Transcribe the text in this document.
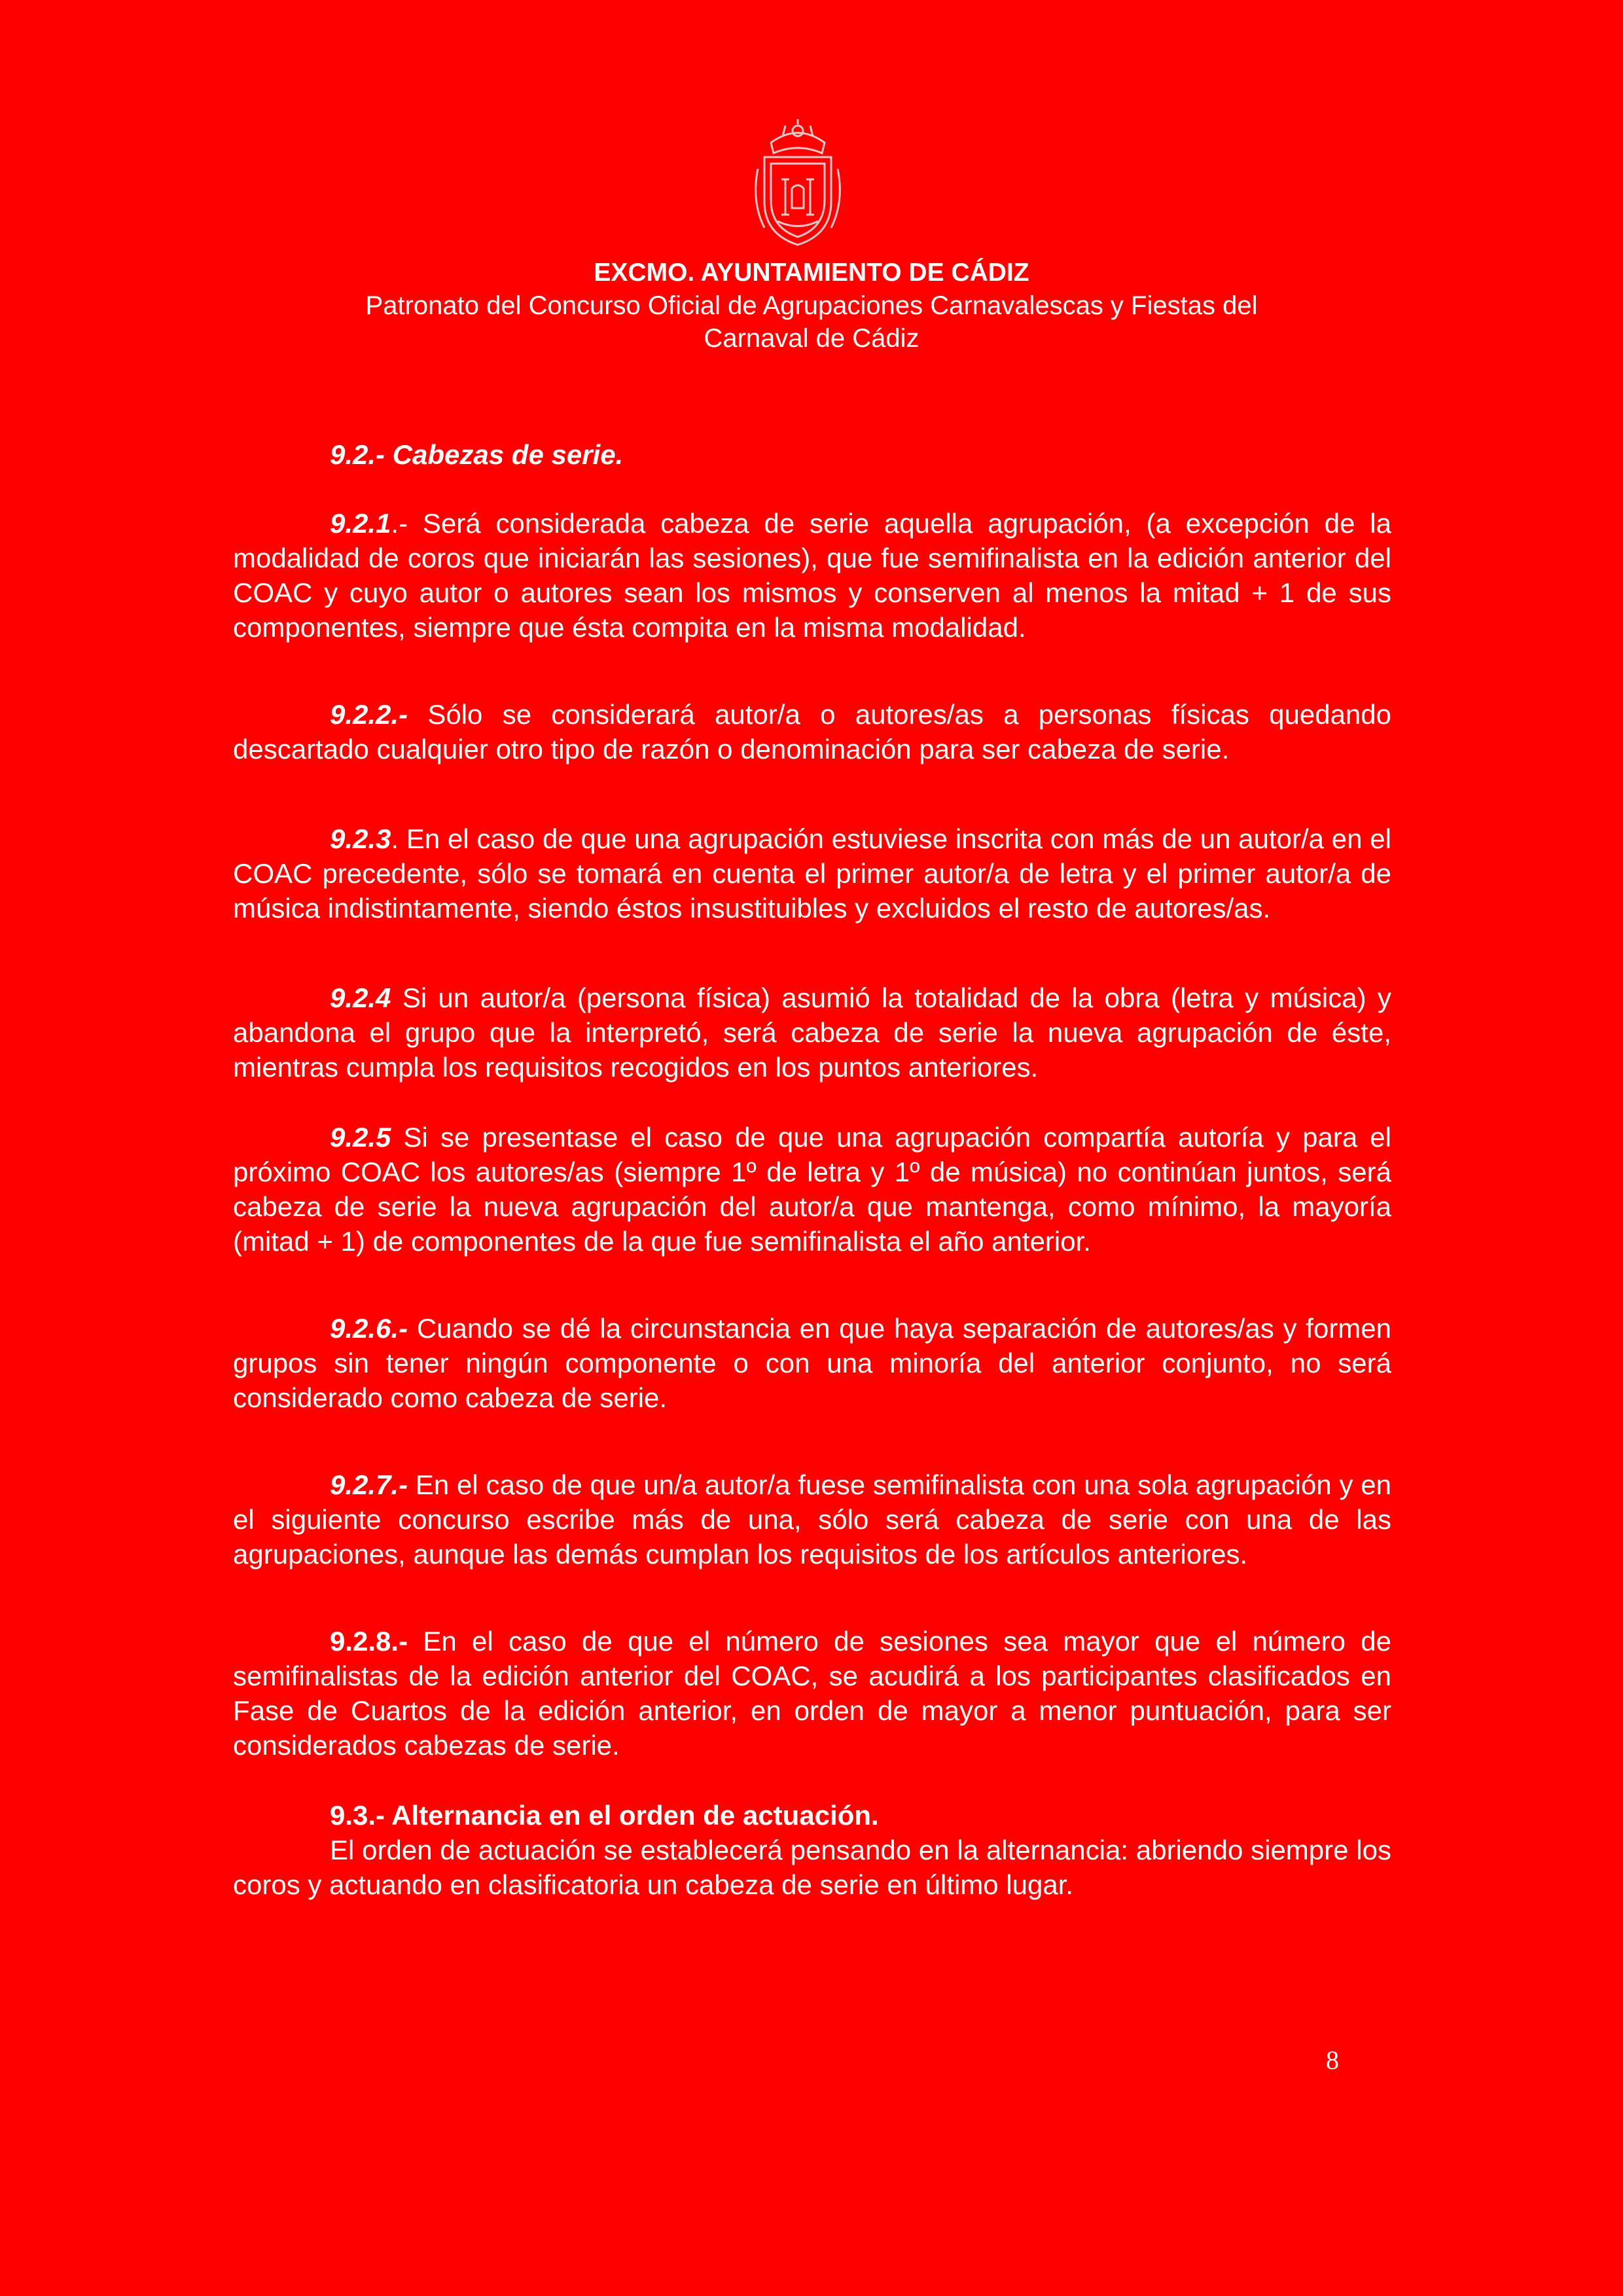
EXCMO. AYUNTAMIENTO DE CÁDIZ
Patronato del Concurso Oficial de Agrupaciones Carnavalescas y Fiestas del
Carnaval de Cádiz

9.2.- Cabezas de serie.

9.2.1.- Será considerada cabeza de serie aquella agrupación, (a excepción de la modalidad de coros que iniciarán las sesiones), que fue semifinalista en la edición anterior del COAC y cuyo autor o autores sean los mismos y conserven al menos la mitad + 1 de sus componentes, siempre que ésta compita en la misma modalidad.

9.2.2.- Sólo se considerará autor/a o autores/as a personas físicas quedando descartado cualquier otro tipo de razón o denominación para ser cabeza de serie.

9.2.3. En el caso de que una agrupación estuviese inscrita con más de un autor/a en el COAC precedente, sólo se tomará en cuenta el primer autor/a de letra y el primer autor/a de música indistintamente, siendo éstos insustituibles y excluidos el resto de autores/as.

9.2.4 Si un autor/a (persona física) asumió la totalidad de la obra (letra y música) y abandona el grupo que la interpretó, será cabeza de serie la nueva agrupación de éste, mientras cumpla los requisitos recogidos en los puntos anteriores.

9.2.5 Si se presentase el caso de que una agrupación compartía autoría y para el próximo COAC los autores/as (siempre 1º de letra y 1º de música) no continúan juntos, será cabeza de serie la nueva agrupación del autor/a que mantenga, como mínimo, la mayoría (mitad + 1) de componentes de la que fue semifinalista el año anterior.

9.2.6.- Cuando se dé la circunstancia en que haya separación de autores/as y formen grupos sin tener ningún componente o con una minoría del anterior conjunto, no será considerado como cabeza de serie.

9.2.7.- En el caso de que un/a autor/a fuese semifinalista con una sola agrupación y en el siguiente concurso escribe más de una, sólo será cabeza de serie con una de las agrupaciones, aunque las demás cumplan los requisitos de los artículos anteriores.

9.2.8.- En el caso de que el número de sesiones sea mayor que el número de semifinalistas de la edición anterior del COAC, se acudirá a los participantes clasificados en Fase de Cuartos de la edición anterior, en orden de mayor a menor puntuación, para ser considerados cabezas de serie.

9.3.- Alternancia en el orden de actuación.

El orden de actuación se establecerá pensando en la alternancia: abriendo siempre los coros y actuando en clasificatoria un cabeza de serie en último lugar.

8
